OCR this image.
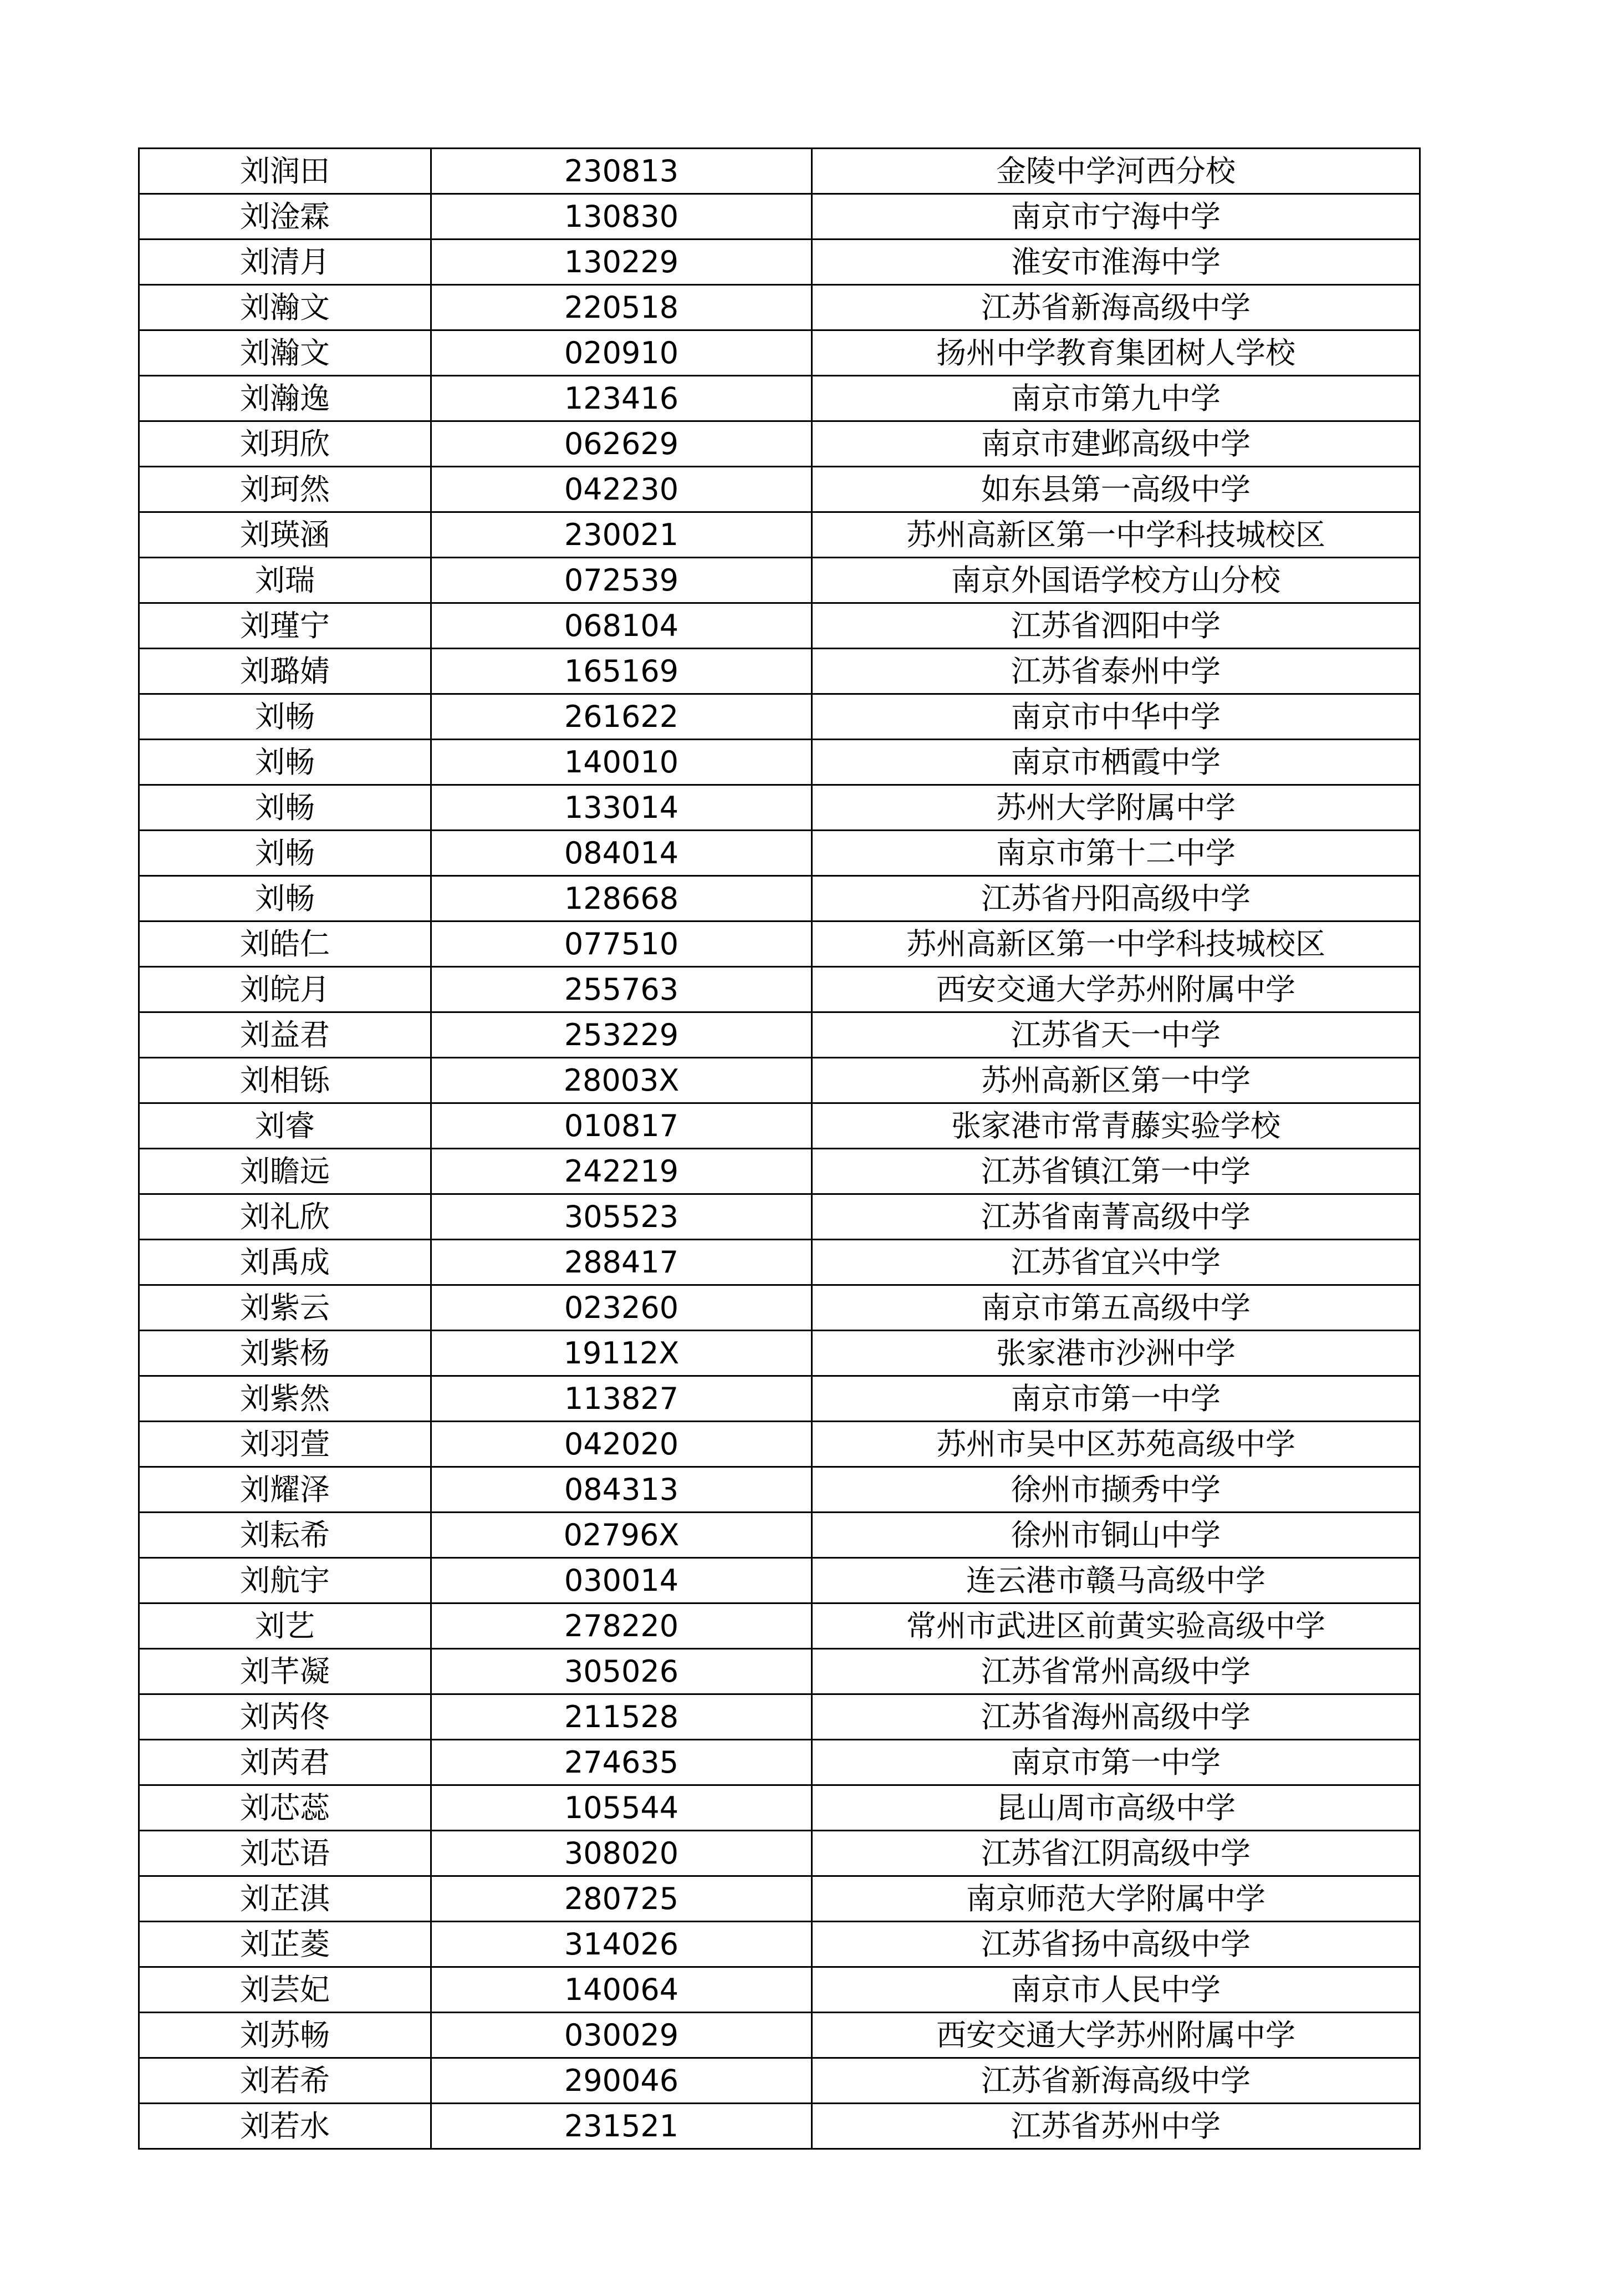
刘润田	230813	金陵中学河西分校
刘淦霖	130830	南京市宁海中学
刘清月	130229	淮安市淮海中学
刘瀚文	220518	江苏省新海高级中学
刘瀚文	020910	扬州中学教育集团树人学校
刘瀚逸	123416	南京市第九中学
刘玥欣	062629	南京市建邺高级中学
刘珂然	042230	如东县第一高级中学
刘瑛涵	230021	苏州高新区第一中学科技城校区
刘瑞	072539	南京外国语学校方山分校
刘瑾宁	068104	江苏省泗阳中学
刘璐婧	165169	江苏省泰州中学
刘畅	261622	南京市中华中学
刘畅	140010	南京市栖霞中学
刘畅	133014	苏州大学附属中学
刘畅	084014	南京市第十二中学
刘畅	128668	江苏省丹阳高级中学
刘皓仁	077510	苏州高新区第一中学科技城校区
刘皖月	255763	西安交通大学苏州附属中学
刘益君	253229	江苏省天一中学
刘相铄	28003X	苏州高新区第一中学
刘睿	010817	张家港市常青藤实验学校
刘瞻远	242219	江苏省镇江第一中学
刘礼欣	305523	江苏省南菁高级中学
刘禹成	288417	江苏省宜兴中学
刘紫云	023260	南京市第五高级中学
刘紫杨	19112X	张家港市沙洲中学
刘紫然	113827	南京市第一中学
刘羽萱	042020	苏州市吴中区苏苑高级中学
刘耀泽	084313	徐州市撷秀中学
刘耘希	02796X	徐州市铜山中学
刘航宇	030014	连云港市赣马高级中学
刘艺	278220	常州市武进区前黄实验高级中学
刘芊凝	305026	江苏省常州高级中学
刘芮佟	211528	江苏省海州高级中学
刘芮君	274635	南京市第一中学
刘芯蕊	105544	昆山周市高级中学
刘芯语	308020	江苏省江阴高级中学
刘芷淇	280725	南京师范大学附属中学
刘芷菱	314026	江苏省扬中高级中学
刘芸妃	140064	南京市人民中学
刘苏畅	030029	西安交通大学苏州附属中学
刘若希	290046	江苏省新海高级中学
刘若水	231521	江苏省苏州中学
